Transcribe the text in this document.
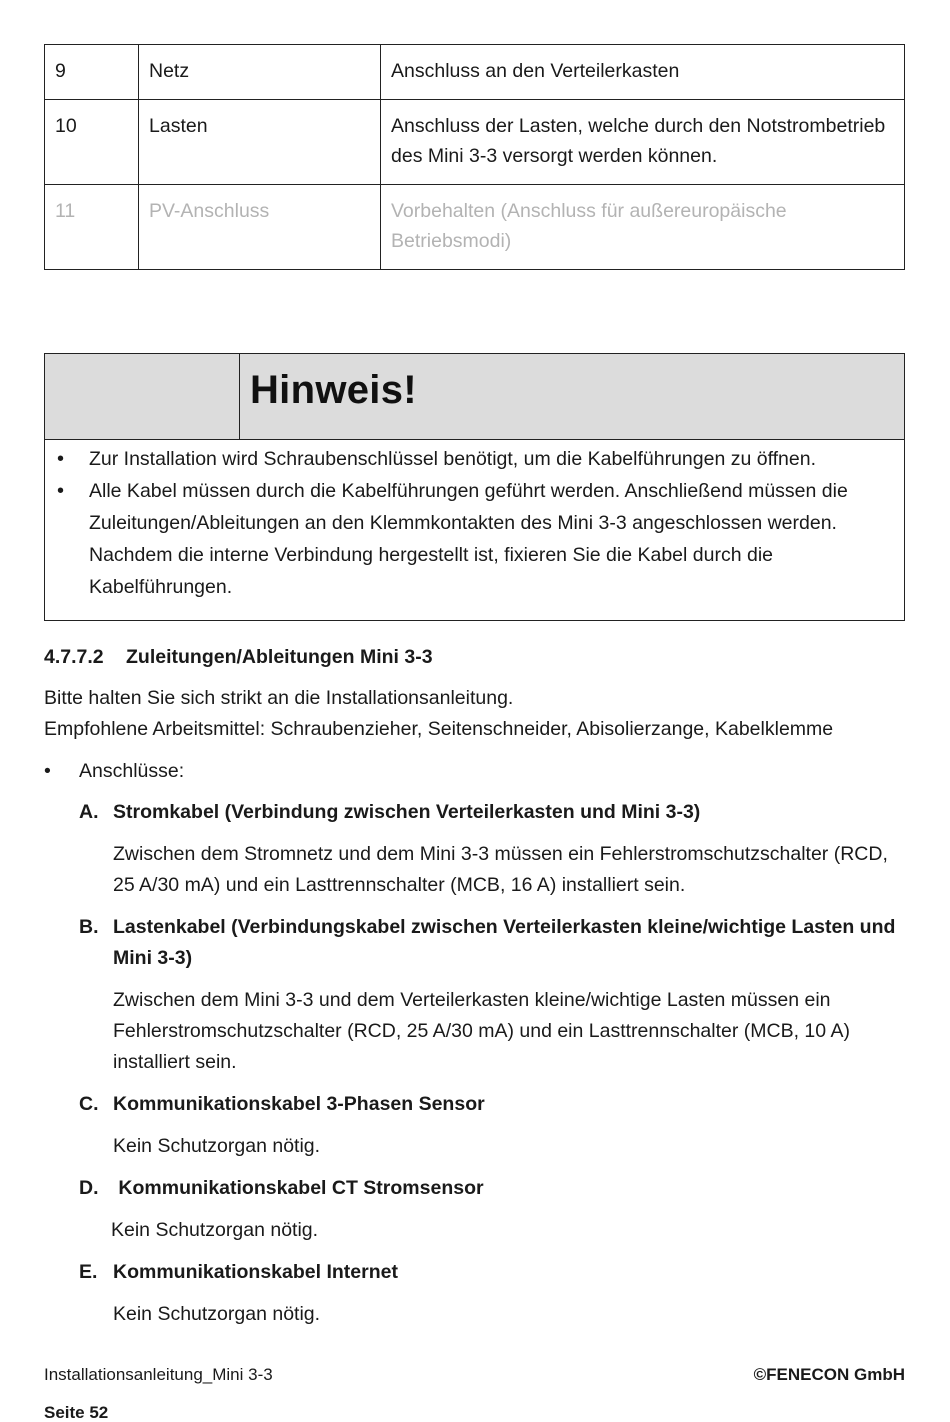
9	Netz	Anschluss an den Verteilerkasten
10	Lasten	Anschluss der Lasten, welche durch den Notstrombetrieb des Mini 3-3 versorgt werden können.
11	PV-Anschluss	Vorbehalten (Anschluss für außereuropäische Betriebsmodi)
Hinweis!
• Zur Installation wird Schraubenschlüssel benötigt, um die Kabelführungen zu öffnen.
• Alle Kabel müssen durch die Kabelführungen geführt werden. Anschließend müssen die Zuleitungen/Ableitungen an den Klemmkontakten des Mini 3-3 angeschlossen werden. Nachdem die interne Verbindung hergestellt ist, fixieren Sie die Kabel durch die Kabelführungen.
4.7.7.2 Zuleitungen/Ableitungen Mini 3-3
Bitte halten Sie sich strikt an die Installationsanleitung.
Empfohlene Arbeitsmittel: Schraubenzieher, Seitenschneider, Abisolierzange, Kabelklemme
• Anschlüsse:
A. Stromkabel (Verbindung zwischen Verteilerkasten und Mini 3-3)
Zwischen dem Stromnetz und dem Mini 3-3 müssen ein Fehlerstromschutzschalter (RCD, 25 A/30 mA) und ein Lasttrennschalter (MCB, 16 A) installiert sein.
B. Lastenkabel (Verbindungskabel zwischen Verteilerkasten kleine/wichtige Lasten und Mini 3-3)
Zwischen dem Mini 3-3 und dem Verteilerkasten kleine/wichtige Lasten müssen ein Fehlerstromschutzschalter (RCD, 25 A/30 mA) und ein Lasttrennschalter (MCB, 10 A) installiert sein.
C. Kommunikationskabel 3-Phasen Sensor
Kein Schutzorgan nötig.
D. Kommunikationskabel CT Stromsensor
Kein Schutzorgan nötig.
E. Kommunikationskabel Internet
Kein Schutzorgan nötig.
Installationsanleitung_Mini 3-3	©FENECON GmbH
Seite 52
